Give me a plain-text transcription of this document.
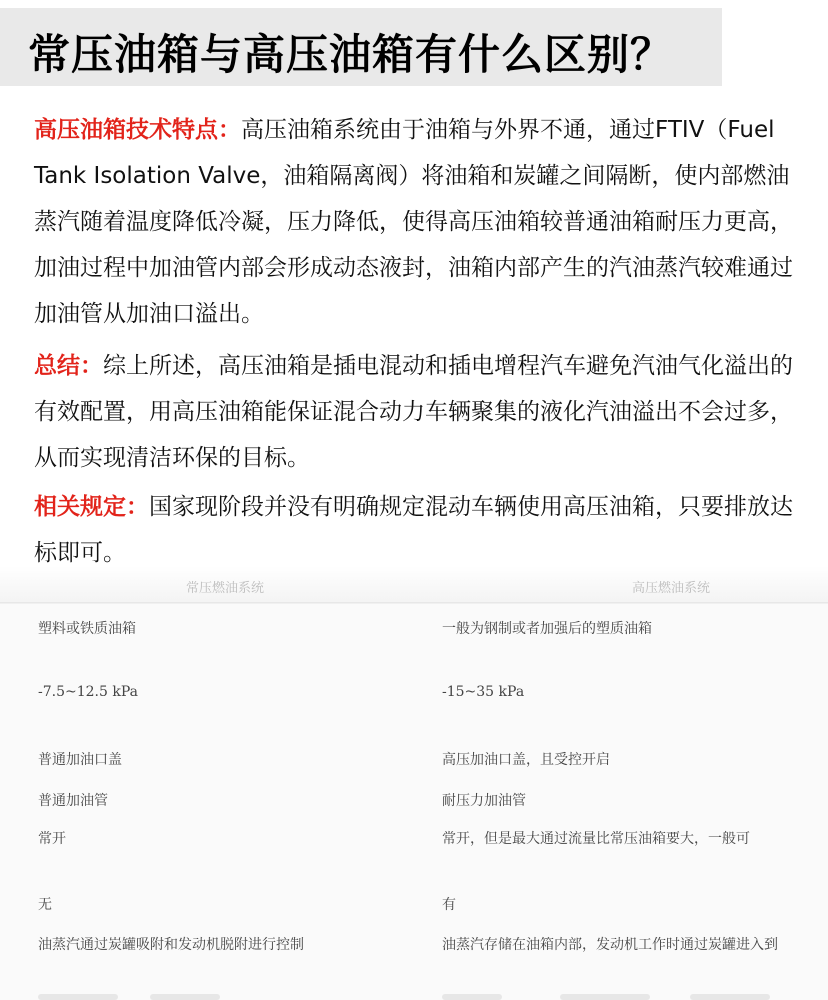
常压油箱与高压油箱有什么区别？

高压油箱技术特点：高压油箱系统由于油箱与外界不通，通过FTIV（Fuel Tank Isolation Valve，油箱隔离阀）将油箱和炭罐之间隔断，使内部燃油蒸汽随着温度降低冷凝，压力降低，使得高压油箱较普通油箱耐压力更高，加油过程中加油管内部会形成动态液封，油箱内部产生的汽油蒸汽较难通过加油管从加油口溢出。

总结：综上所述，高压油箱是插电混动和插电增程汽车避免汽油气化溢出的有效配置，用高压油箱能保证混合动力车辆聚集的液化汽油溢出不会过多，从而实现清洁环保的目标。

相关规定：国家现阶段并没有明确规定混动车辆使用高压油箱，只要排放达标即可。

常压燃油系统	高压燃油系统
塑料或铁质油箱	一般为钢制或者加强后的塑质油箱
-7.5~12.5 kPa	-15~35 kPa
普通加油口盖	高压加油口盖，且受控开启
普通加油管	耐压力加油管
常开	常开，但是最大通过流量比常压油箱要大，一般可
无	有
油蒸汽通过炭罐吸附和发动机脱附进行控制	油蒸汽存储在油箱内部，发动机工作时通过炭罐进入到
